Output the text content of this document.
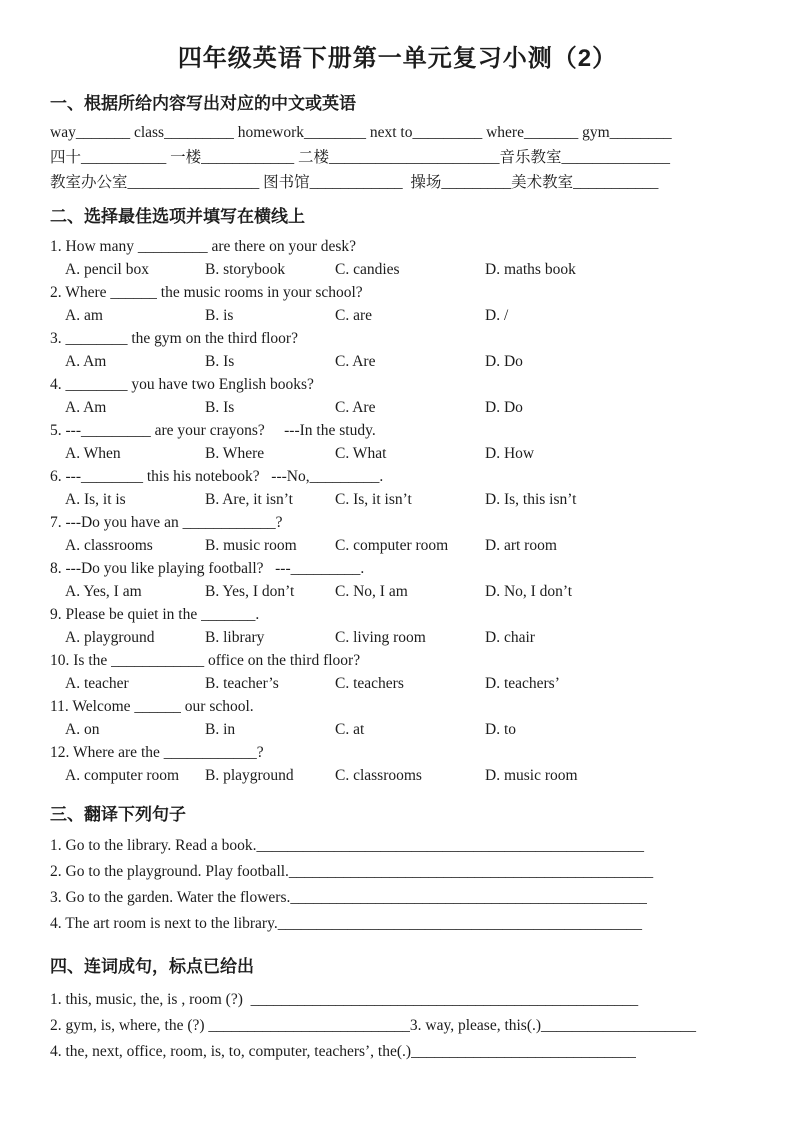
四年级英语下册第一单元复习小测（2）
一、根据所给内容写出对应的中文或英语
way_______ class_________ homework________ next to_________ where_______ gym________
四十___________ 一楼____________ 二楼______________________音乐教室______________
教室办公室_________________ 图书馆____________  操场_________美术教室___________
二、选择最佳选项并填写在横线上
1. How many _________ are there on your desk?
A. pencil box	B. storybook	C. candies	D. maths book
2. Where ______ the music rooms in your school?
A. am	B. is	C. are	D. /
3. ________ the gym on the third floor?
A. Am	B. Is	C. Are	D. Do
4. ________ you have two English books?
A. Am	B. Is	C. Are	D. Do
5. ---_________ are your crayons?     ---In the study.
A. When	B. Where	C. What	D. How
6. ---________ this his notebook?   ---No,_________.
A. Is, it is	B. Are, it isn’t	C. Is, it isn’t	D. Is, this isn’t
7. ---Do you have an ____________?
A. classrooms	B. music room	C. computer room	D. art room
8. ---Do you like playing football?   ---_________.
A. Yes, I am	B. Yes, I don’t	C. No, I am	D. No, I don’t
9. Please be quiet in the _______.
A. playground	B. library	C. living room	D. chair
10. Is the ____________ office on the third floor?
A. teacher	B. teacher’s	C. teachers	D. teachers’
11. Welcome ______ our school.
A. on	B. in	C. at	D. to
12. Where are the ____________?
A. computer room	B. playground	C. classrooms	D. music room
三、翻译下列句子
1. Go to the library. Read a book.__________________________________________________
2. Go to the playground. Play football._______________________________________________
3. Go to the garden. Water the flowers.______________________________________________
4. The art room is next to the library._______________________________________________
四、连词成句，标点已给出
1. this, music, the, is , room (?)  __________________________________________________
2. gym, is, where, the (?) __________________________3. way, please, this(.)____________________
4. the, next, office, room, is, to, computer, teachers’, the(.)_____________________________
